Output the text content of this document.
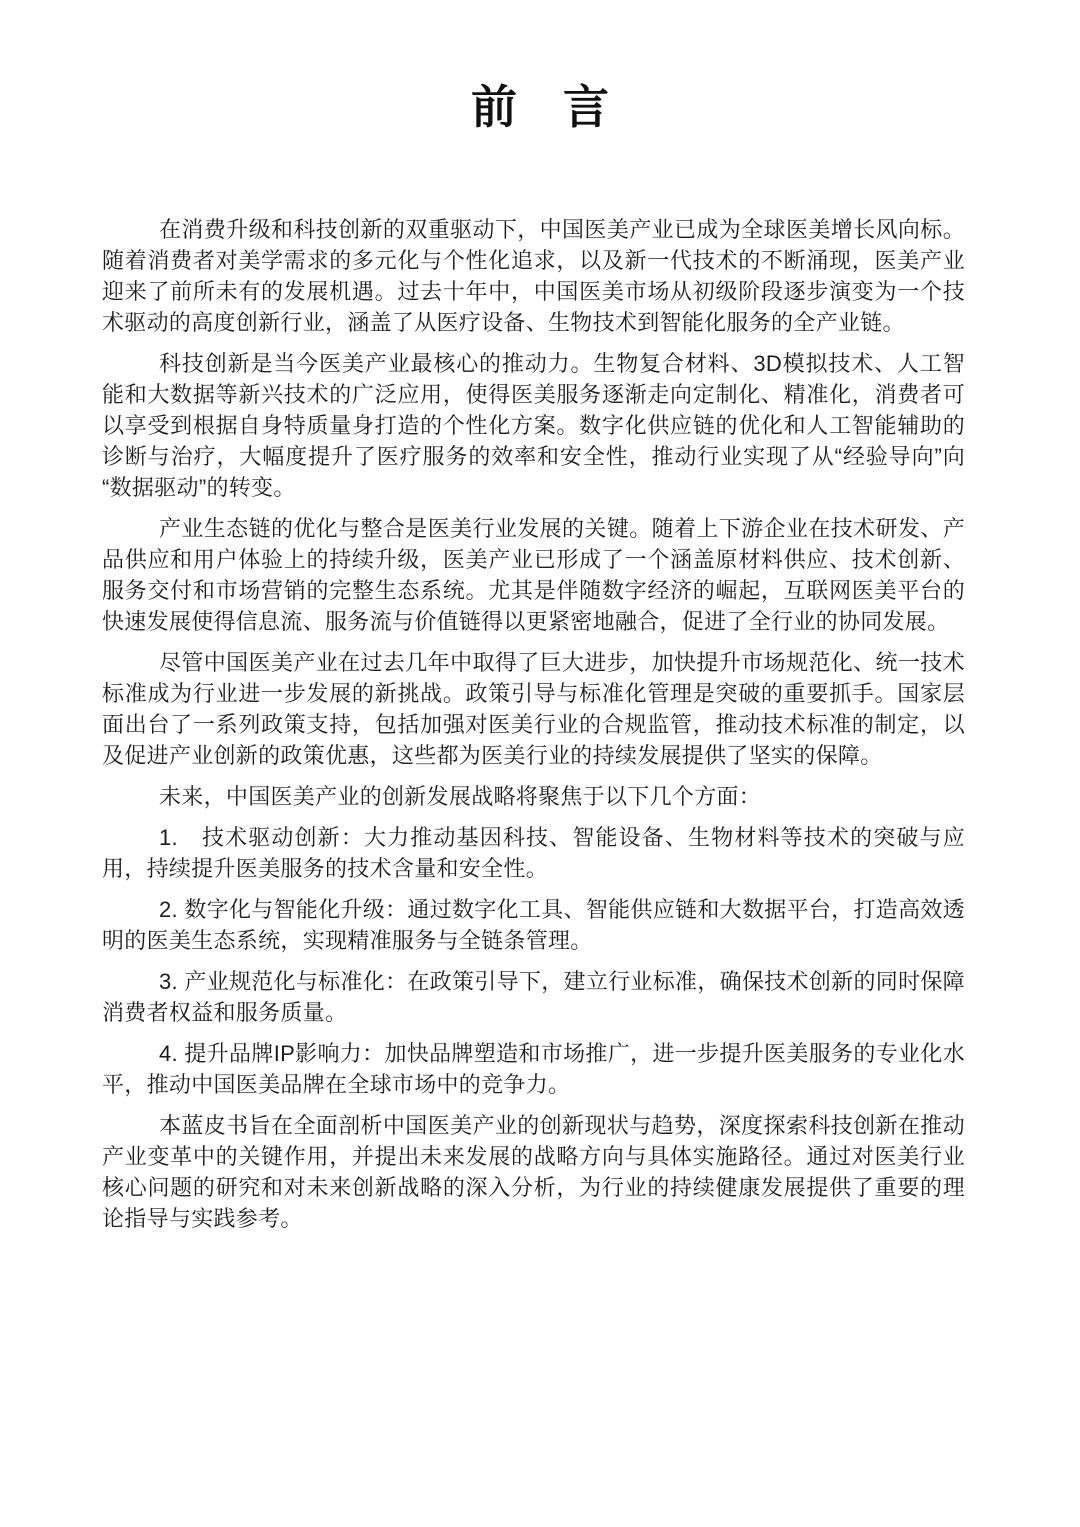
前　言

在消费升级和科技创新的双重驱动下，中国医美产业已成为全球医美增长风向标。随着消费者对美学需求的多元化与个性化追求，以及新一代技术的不断涌现，医美产业迎来了前所未有的发展机遇。过去十年中，中国医美市场从初级阶段逐步演变为一个技术驱动的高度创新行业，涵盖了从医疗设备、生物技术到智能化服务的全产业链。

科技创新是当今医美产业最核心的推动力。生物复合材料、3D模拟技术、人工智能和大数据等新兴技术的广泛应用，使得医美服务逐渐走向定制化、精准化，消费者可以享受到根据自身特质量身打造的个性化方案。数字化供应链的优化和人工智能辅助的诊断与治疗，大幅度提升了医疗服务的效率和安全性，推动行业实现了从“经验导向”向“数据驱动”的转变。

产业生态链的优化与整合是医美行业发展的关键。随着上下游企业在技术研发、产品供应和用户体验上的持续升级，医美产业已形成了一个涵盖原材料供应、技术创新、服务交付和市场营销的完整生态系统。尤其是伴随数字经济的崛起，互联网医美平台的快速发展使得信息流、服务流与价值链得以更紧密地融合，促进了全行业的协同发展。

尽管中国医美产业在过去几年中取得了巨大进步，加快提升市场规范化、统一技术标准成为行业进一步发展的新挑战。政策引导与标准化管理是突破的重要抓手。国家层面出台了一系列政策支持，包括加强对医美行业的合规监管，推动技术标准的制定，以及促进产业创新的政策优惠，这些都为医美行业的持续发展提供了坚实的保障。

未来，中国医美产业的创新发展战略将聚焦于以下几个方面：

1.　技术驱动创新：大力推动基因科技、智能设备、生物材料等技术的突破与应用，持续提升医美服务的技术含量和安全性。

2. 数字化与智能化升级：通过数字化工具、智能供应链和大数据平台，打造高效透明的医美生态系统，实现精准服务与全链条管理。

3. 产业规范化与标准化：在政策引导下，建立行业标准，确保技术创新的同时保障消费者权益和服务质量。

4. 提升品牌IP影响力：加快品牌塑造和市场推广，进一步提升医美服务的专业化水平，推动中国医美品牌在全球市场中的竞争力。

本蓝皮书旨在全面剖析中国医美产业的创新现状与趋势，深度探索科技创新在推动产业变革中的关键作用，并提出未来发展的战略方向与具体实施路径。通过对医美行业核心问题的研究和对未来创新战略的深入分析，为行业的持续健康发展提供了重要的理论指导与实践参考。
